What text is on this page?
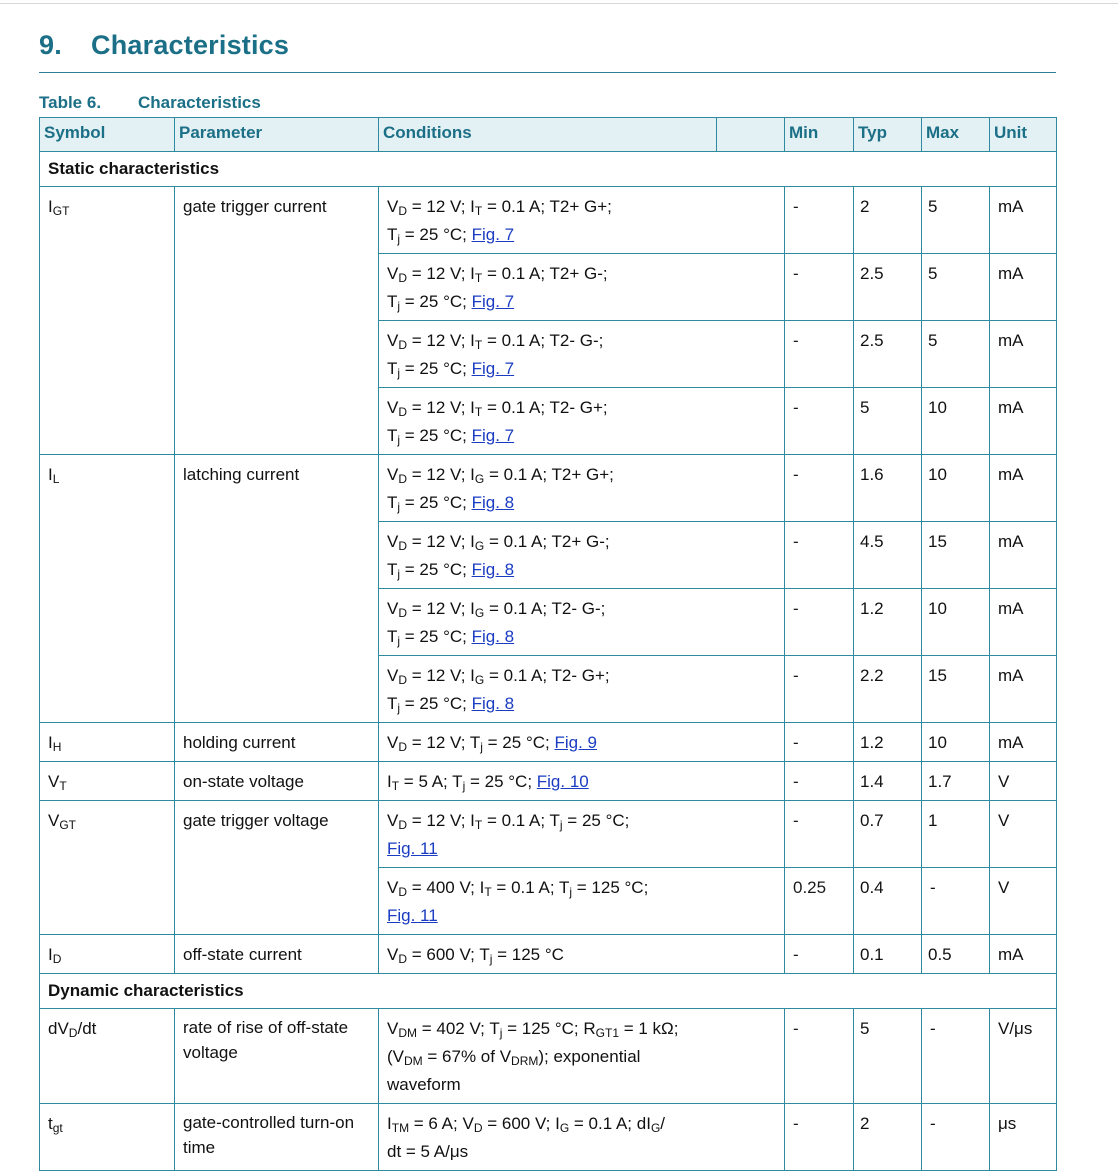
9. Characteristics
Table 6. Characteristics
Symbol	Parameter	Conditions		Min	Typ	Max	Unit
Static characteristics							
$I_{GT}$	gate trigger current	$V_D = 12$ V; $I_T = 0.1$ A; T2+ G+;
$T_j = 25$ °C; Fig. 7		-	2	5	mA
		$V_D = 12$ V; $I_T = 0.1$ A; T2+ G-;
$T_j = 25$ °C; Fig. 7		-	2.5	5	mA
		$V_D = 12$ V; $I_T = 0.1$ A; T2- G-;
$T_j = 25$ °C; Fig. 7		-	2.5	5	mA
		$V_D = 12$ V; $I_T = 0.1$ A; T2- G+;
$T_j = 25$ °C; Fig. 7		-	5	10	mA
$I_L$	latching current	$V_D = 12$ V; $I_G = 0.1$ A; T2+ G+;
$T_j = 25$ °C; Fig. 8		-	1.6	10	mA
		$V_D = 12$ V; $I_G = 0.1$ A; T2+ G-;
$T_j = 25$ °C; Fig. 8		-	4.5	15	mA
		$V_D = 12$ V; $I_G = 0.1$ A; T2- G-;
$T_j = 25$ °C; Fig. 8		-	1.2	10	mA
		$V_D = 12$ V; $I_G = 0.1$ A; T2- G+;
$T_j = 25$ °C; Fig. 8		-	2.2	15	mA
$I_H$	holding current	$V_D = 12$ V; $T_j = 25$ °C; Fig. 9		-	1.2	10	mA
$V_T$	on-state voltage	$I_T = 5$ A; $T_j = 25$ °C; Fig. 10		-	1.4	1.7	V
$V_{GT}$	gate trigger voltage	$V_D = 12$ V; $I_T = 0.1$ A; $T_j = 25$ °C;
Fig. 11		-	0.7	1	V
		$V_D = 400$ V; $I_T = 0.1$ A; $T_j = 125$ °C;
Fig. 11		0.25	0.4	-	V
$I_D$	off-state current	$V_D = 600$ V; $T_j = 125$ °C		-	0.1	0.5	mA
Dynamic characteristics							
$dV_D/dt$	rate of rise of off-state voltage	$V_{DM} = 402$ V; $T_j = 125$ °C; $R_{GT1} = 1$ kΩ;
($V_{DM} = 67\%$ of $V_{DRM}$); exponential
waveform		-	5	-	V/μs
$t_{gt}$	gate-controlled turn-on time	$I_{TM} = 6$ A; $V_D = 600$ V; $I_G = 0.1$ A; $dI_G/$
dt = 5 A/μs		-	2	-	μs
